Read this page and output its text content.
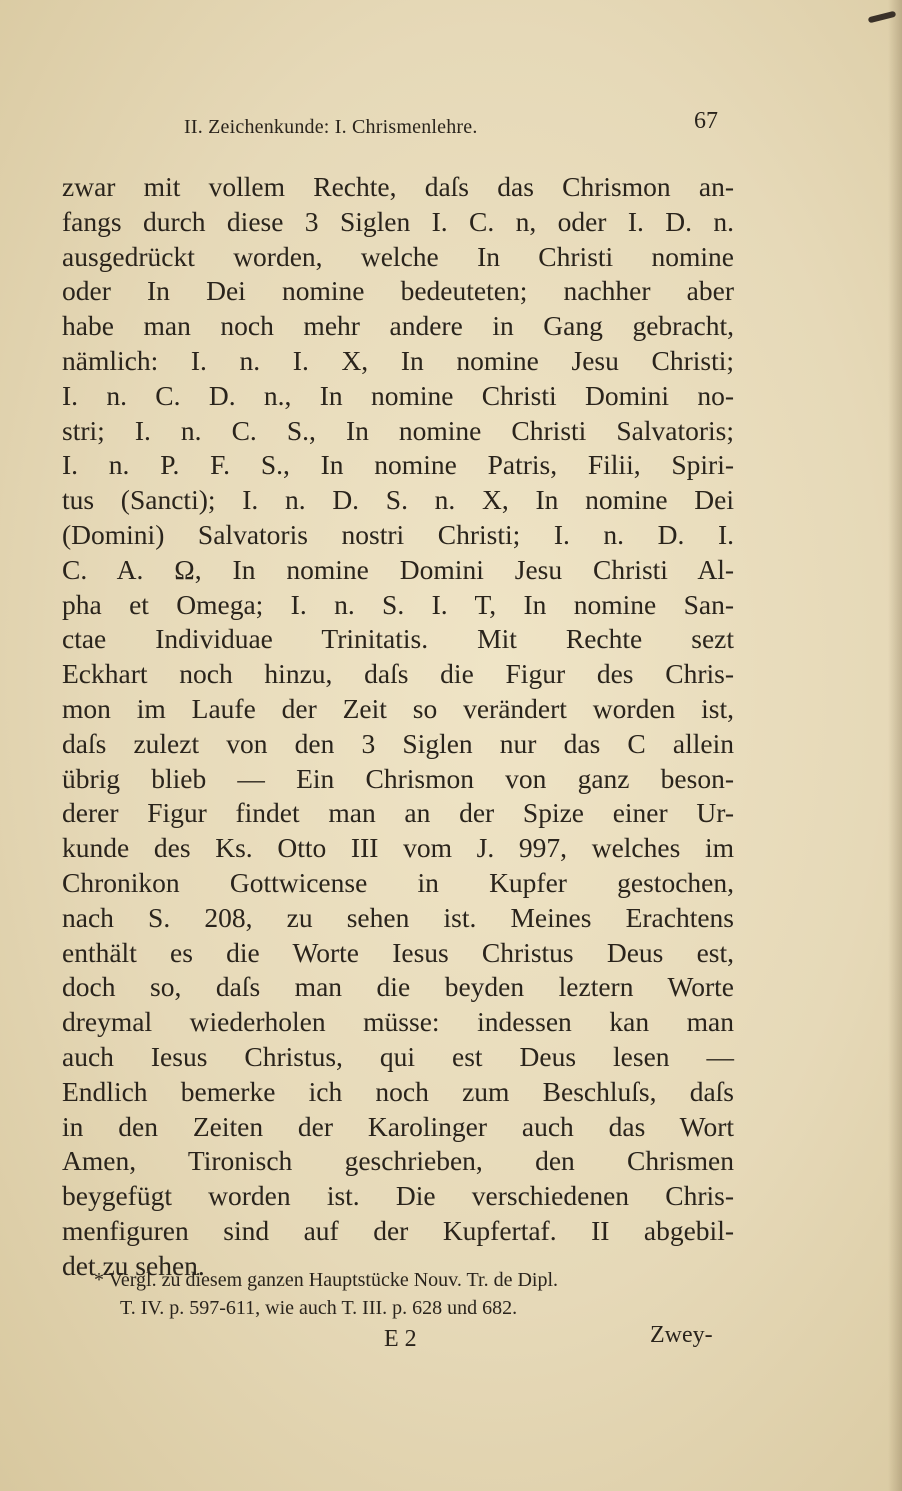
II. Zeichenkunde: I. Chrismenlehre.	67
zwar mit vollem Rechte, daſs das Chrismon an-
fangs durch diese 3 Siglen I. C. n, oder I. D. n.
ausgedrückt worden, welche In Christi nomine
oder In Dei nomine bedeuteten; nachher aber
habe man noch mehr andere in Gang gebracht,
nämlich: I. n. I. X, In nomine Jesu Christi;
I. n. C. D. n., In nomine Christi Domini no-
stri; I. n. C. S., In nomine Christi Salvatoris;
I. n. P. F. S., In nomine Patris, Filii, Spiri-
tus (Sancti); I. n. D. S. n. X, In nomine Dei
(Domini) Salvatoris nostri Christi; I. n. D. I.
C. A. Ω, In nomine Domini Jesu Christi Al-
pha et Omega; I. n. S. I. T, In nomine San-
ctae Individuae Trinitatis. Mit Rechte sezt
Eckhart noch hinzu, daſs die Figur des Chris-
mon im Laufe der Zeit so verändert worden ist,
daſs zulezt von den 3 Siglen nur das C allein
übrig blieb — Ein Chrismon von ganz beson-
derer Figur findet man an der Spize einer Ur-
kunde des Ks. Otto III vom J. 997, welches im
Chronikon Gottwicense in Kupfer gestochen,
nach S. 208, zu sehen ist. Meines Erachtens
enthält es die Worte Iesus Christus Deus est,
doch so, daſs man die beyden leztern Worte
dreymal wiederholen müsse: indessen kan man
auch Iesus Christus, qui est Deus lesen —
Endlich bemerke ich noch zum Beschluſs, daſs
in den Zeiten der Karolinger auch das Wort
Amen, Tironisch geschrieben, den Chrismen
beygefügt worden ist. Die verschiedenen Chris-
menfiguren sind auf der Kupfertaf. II abgebil-
det zu sehen.
* Vergl. zu diesem ganzen Hauptstücke Nouv. Tr. de Dipl.
T. IV. p. 597-611, wie auch T. III. p. 628 und 682.
E 2	Zwey-
